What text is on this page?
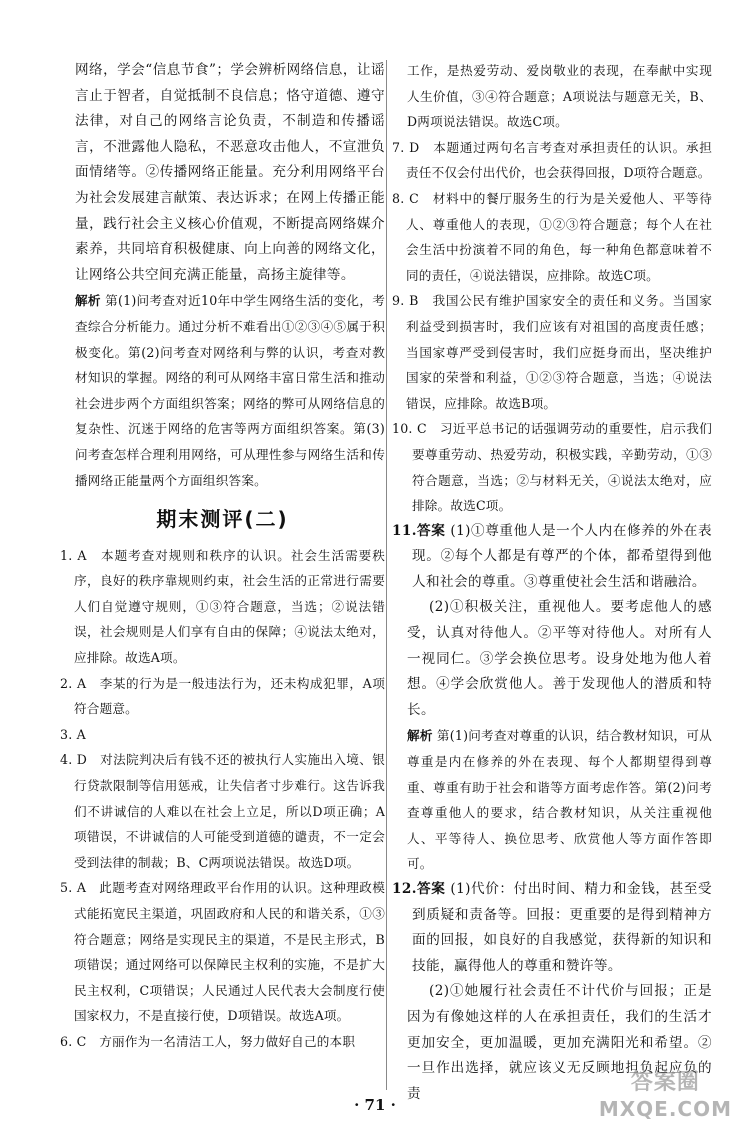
网络，学会“信息节食”；学会辨析网络信息，让谣言止于智者，自觉抵制不良信息；恪守道德、遵守法律，对自己的网络言论负责，不制造和传播谣言，不泄露他人隐私，不恶意攻击他人，不宣泄负面情绪等。②传播网络正能量。充分利用网络平台为社会发展建言献策、表达诉求；在网上传播正能量，践行社会主义核心价值观，不断提高网络媒介素养，共同培育积极健康、向上向善的网络文化，让网络公共空间充满正能量，高扬主旋律等。

解析 第(1)问考查对近10年中学生网络生活的变化，考查综合分析能力。通过分析不难看出①②③④⑤属于积极变化。第(2)问考查对网络利与弊的认识，考查对教材知识的掌握。网络的利可从网络丰富日常生活和推动社会进步两个方面组织答案；网络的弊可从网络信息的复杂性、沉迷于网络的危害等两方面组织答案。第(3)问考查怎样合理利用网络，可从理性参与网络生活和传播网络正能量两个方面组织答案。

期末测评(二)

1. A　本题考查对规则和秩序的认识。社会生活需要秩序，良好的秩序靠规则约束，社会生活的正常进行需要人们自觉遵守规则，①③符合题意，当选；②说法错误，社会规则是人们享有自由的保障；④说法太绝对，应排除。故选A项。

2. A　李某的行为是一般违法行为，还未构成犯罪，A项符合题意。

3. A

4. D　对法院判决后有钱不还的被执行人实施出入境、银行贷款限制等信用惩戒，让失信者寸步难行。这告诉我们不讲诚信的人难以在社会上立足，所以D项正确；A项错误，不讲诚信的人可能受到道德的谴责，不一定会受到法律的制裁；B、C两项说法错误。故选D项。

5. A　此题考查对网络理政平台作用的认识。这种理政模式能拓宽民主渠道，巩固政府和人民的和谐关系，①③符合题意；网络是实现民主的渠道，不是民主形式，B项错误；通过网络可以保障民主权利的实施，不是扩大民主权利，C项错误；人民通过人民代表大会制度行使国家权力，不是直接行使，D项错误。故选A项。

6. C　方丽作为一名清洁工人，努力做好自己的本职

工作，是热爱劳动、爱岗敬业的表现，在奉献中实现人生价值，③④符合题意；A项说法与题意无关，B、D两项说法错误。故选C项。

7. D　本题通过两句名言考查对承担责任的认识。承担责任不仅会付出代价，也会获得回报，D项符合题意。

8. C　材料中的餐厅服务生的行为是关爱他人、平等待人、尊重他人的表现，①②③符合题意；每个人在社会生活中扮演着不同的角色，每一种角色都意味着不同的责任，④说法错误，应排除。故选C项。

9. B　我国公民有维护国家安全的责任和义务。当国家利益受到损害时，我们应该有对祖国的高度责任感；当国家尊严受到侵害时，我们应挺身而出，坚决维护国家的荣誉和利益，①②③符合题意，当选；④说法错误，应排除。故选B项。

10. C　习近平总书记的话强调劳动的重要性，启示我们要尊重劳动、热爱劳动，积极实践，辛勤劳动，①③符合题意，当选；②与材料无关，④说法太绝对，应排除。故选C项。

11.答案 (1)①尊重他人是一个人内在修养的外在表现。②每个人都是有尊严的个体，都希望得到他人和社会的尊重。③尊重使社会生活和谐融洽。

(2)①积极关注，重视他人。要考虑他人的感受，认真对待他人。②平等对待他人。对所有人一视同仁。③学会换位思考。设身处地为他人着想。④学会欣赏他人。善于发现他人的潜质和特长。

解析 第(1)问考查对尊重的认识，结合教材知识，可从尊重是内在修养的外在表现、每个人都期望得到尊重、尊重有助于社会和谐等方面考虑作答。第(2)问考查尊重他人的要求，结合教材知识，从关注重视他人、平等待人、换位思考、欣赏他人等方面作答即可。

12.答案 (1)代价：付出时间、精力和金钱，甚至受到质疑和责备等。回报：更重要的是得到精神方面的回报，如良好的自我感觉，获得新的知识和技能，赢得他人的尊重和赞许等。

(2)①她履行社会责任不计代价与回报；正是因为有像她这样的人在承担责任，我们的生活才更加安全，更加温暖，更加充满阳光和希望。②一旦作出选择，就应该义无反顾地担负起应负的责

· 71 ·
答案圈
MXQE.COM
